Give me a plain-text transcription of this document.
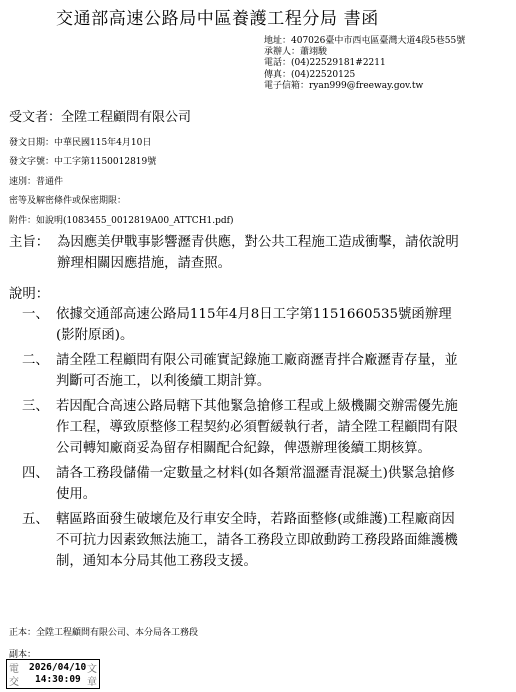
交通部高速公路局中區養護工程分局 書函
地址：407026臺中市西屯區臺灣大道4段5巷55號
承辦人：蕭翊駿
電話：(04)22529181#2211
傳真：(04)22520125
電子信箱：ryan999@freeway.gov.tw
受文者：全陞工程顧問有限公司
發文日期：中華民國115年4月10日
發文字號：中工字第1150012819號
速別：普通件
密等及解密條件或保密期限：
附件：如說明(1083455_0012819A00_ATTCH1.pdf)
主旨： 為因應美伊戰事影響瀝青供應，對公共工程施工造成衝擊，請依說明辦理相關因應措施，請查照。
說明：
一、 依據交通部高速公路局115年4月8日工字第1151660535號函辦理(影附原函)。
二、 請全陞工程顧問有限公司確實記錄施工廠商瀝青拌合廠瀝青存量，並判斷可否施工，以利後續工期計算。
三、 若因配合高速公路局轄下其他緊急搶修工程或上級機關交辦需優先施作工程，導致原整修工程契約必須暫緩執行者，請全陞工程顧問有限公司轉知廠商妥為留存相關配合紀錄，俾憑辦理後續工期核算。
四、 請各工務段儲備一定數量之材料(如各類常溫瀝青混凝土)供緊急搶修使用。
五、 轄區路面發生破壞危及行車安全時，若路面整修(或維護)工程廠商因不可抗力因素致無法施工，請各工務段立即啟動跨工務段路面維護機制，通知本分局其他工務段支援。
正本：全陞工程顧問有限公司、本分局各工務段
副本：
電	文
交	章
2026/04/10
14:30:09
